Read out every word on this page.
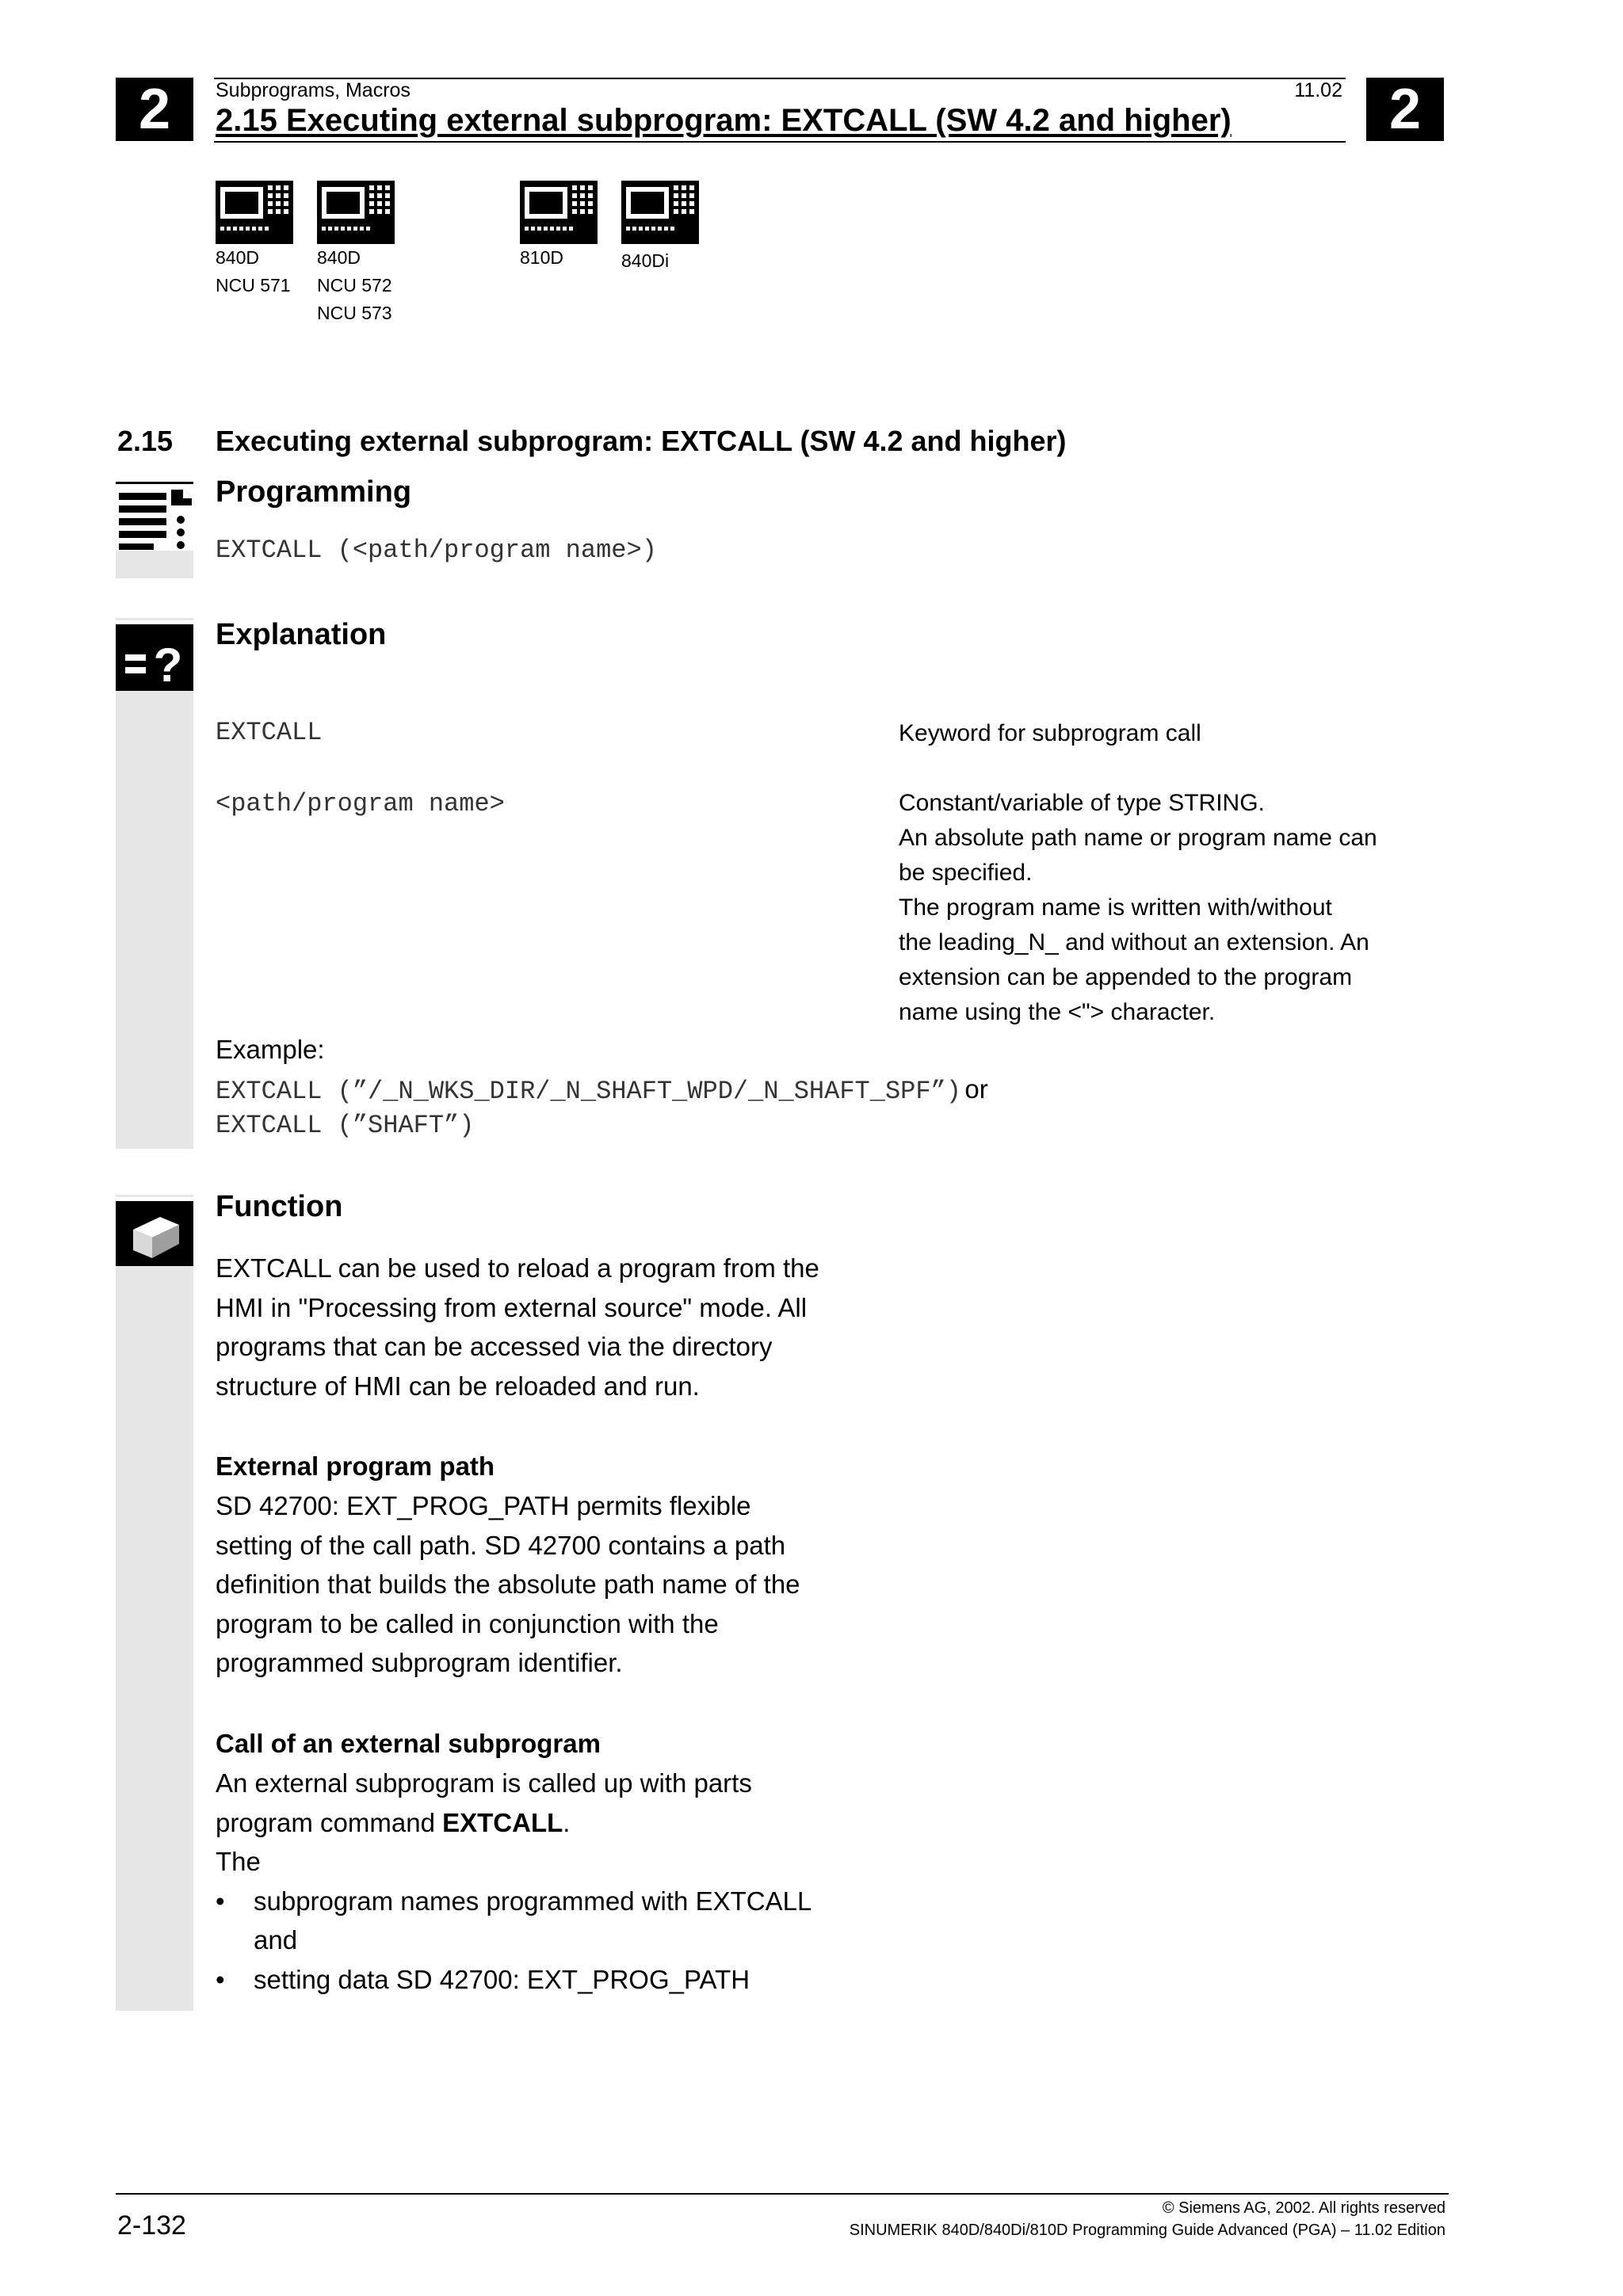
2	2
Subprograms, Macros	11.02
2.15 Executing external subprogram: EXTCALL (SW 4.2 and higher)
840D
NCU 571
840D
NCU 572
NCU 573
810D	840Di
2.15 Executing external subprogram: EXTCALL (SW 4.2 and higher)
Programming
EXTCALL (<path/program name>)
?
Explanation
EXTCALL	Keyword for subprogram call
<path/program name>	Constant/variable of type STRING.
An absolute path name or program name can
be specified.
The program name is written with/without
the leading_N_ and without an extension. An
extension can be appended to the program
name using the <"> character.
Example:
EXTCALL (”/_N_WKS_DIR/_N_SHAFT_WPD/_N_SHAFT_SPF”) or
EXTCALL (”SHAFT”)
Function
EXTCALL can be used to reload a program from the
HMI in "Processing from external source" mode. All
programs that can be accessed via the directory
structure of HMI can be reloaded and run.
External program path
SD 42700: EXT_PROG_PATH permits flexible
setting of the call path. SD 42700 contains a path
definition that builds the absolute path name of the
program to be called in conjunction with the
programmed subprogram identifier.
Call of an external subprogram
An external subprogram is called up with parts
program command EXTCALL.
The
• subprogram names programmed with EXTCALL
and
• setting data SD 42700: EXT_PROG_PATH
2-132
© Siemens AG, 2002. All rights reserved
SINUMERIK 840D/840Di/810D Programming Guide Advanced (PGA) – 11.02 Edition
